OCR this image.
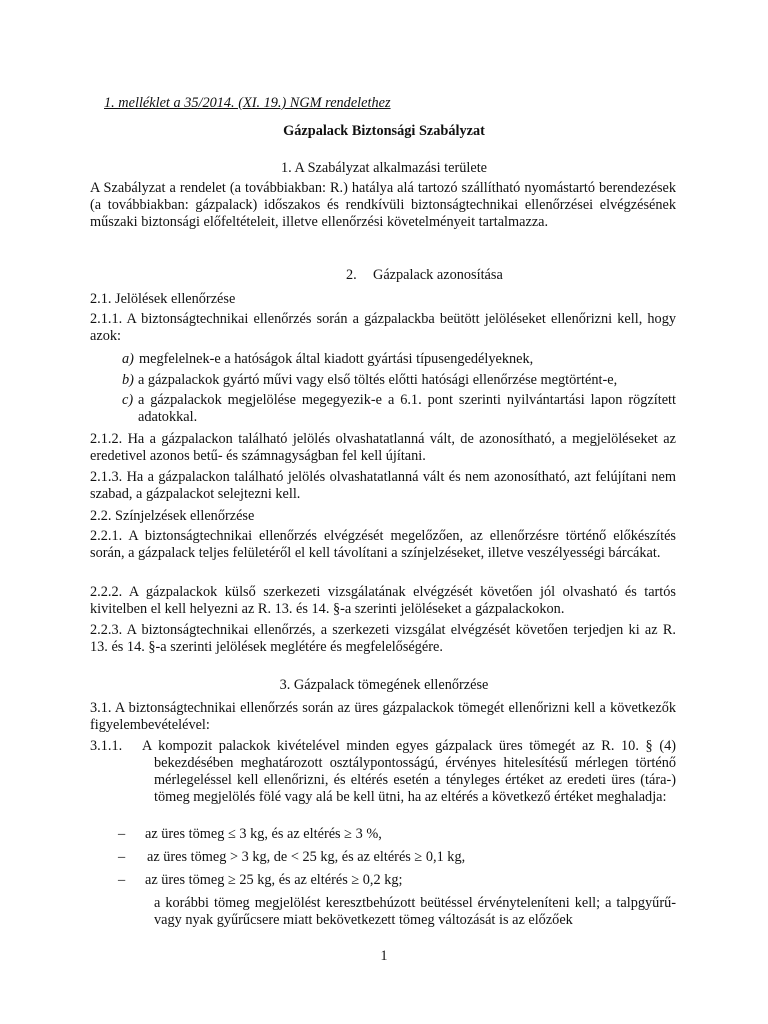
1. melléklet a 35/2014. (XI. 19.) NGM rendelethez
Gázpalack Biztonsági Szabályzat
1. A Szabályzat alkalmazási területe
A Szabályzat a rendelet (a továbbiakban: R.) hatálya alá tartozó szállítható nyomástartó berendezések (a továbbiakban: gázpalack) időszakos és rendkívüli biztonságtechnikai ellenőrzései elvégzésének műszaki biztonsági előfeltételeit, illetve ellenőrzési követelményeit tartalmazza.
2. Gázpalack azonosítása
2.1. Jelölések ellenőrzése
2.1.1. A biztonságtechnikai ellenőrzés során a gázpalackba beütött jelöléseket ellenőrizni kell, hogy azok:
a) megfelelnek-e a hatóságok által kiadott gyártási típusengedélyeknek,
b) a gázpalackok gyártó művi vagy első töltés előtti hatósági ellenőrzése megtörtént-e,
c) a gázpalackok megjelölése megegyezik-e a 6.1. pont szerinti nyilvántartási lapon rögzített adatokkal.
2.1.2. Ha a gázpalackon található jelölés olvashatatlanná vált, de azonosítható, a megjelöléseket az eredetivel azonos betű- és számnagyságban fel kell újítani.
2.1.3. Ha a gázpalackon található jelölés olvashatatlanná vált és nem azonosítható, azt felújítani nem szabad, a gázpalackot selejtezni kell.
2.2. Színjelzések ellenőrzése
2.2.1. A biztonságtechnikai ellenőrzés elvégzését megelőzően, az ellenőrzésre történő előkészítés során, a gázpalack teljes felületéről el kell távolítani a színjelzéseket, illetve veszélyességi bárcákat.
2.2.2. A gázpalackok külső szerkezeti vizsgálatának elvégzését követően jól olvasható és tartós kivitelben el kell helyezni az R. 13. és 14. §-a szerinti jelöléseket a gázpalackokon.
2.2.3. A biztonságtechnikai ellenőrzés, a szerkezeti vizsgálat elvégzését követően terjedjen ki az R. 13. és 14. §-a szerinti jelölések meglétére és megfelelőségére.
3. Gázpalack tömegének ellenőrzése
3.1. A biztonságtechnikai ellenőrzés során az üres gázpalackok tömegét ellenőrizni kell a következők figyelembevételével:
3.1.1. A kompozit palackok kivételével minden egyes gázpalack üres tömegét az R. 10. § (4) bekezdésében meghatározott osztálypontosságú, érvényes hitelesítésű mérlegen történő mérlegeléssel kell ellenőrizni, és eltérés esetén a tényleges értéket az eredeti üres (tára-) tömeg megjelölés fölé vagy alá be kell ütni, ha az eltérés a következő értéket meghaladja:
– az üres tömeg ≤ 3 kg, és az eltérés ≥ 3 %,
– az üres tömeg > 3 kg, de < 25 kg, és az eltérés ≥ 0,1 kg,
– az üres tömeg ≥ 25 kg, és az eltérés ≥ 0,2 kg;
a korábbi tömeg megjelölést keresztbehúzott beütéssel érvényteleníteni kell; a talpgyűrű- vagy nyak gyűrűcsere miatt bekövetkezett tömeg változását is az előzőek
1
